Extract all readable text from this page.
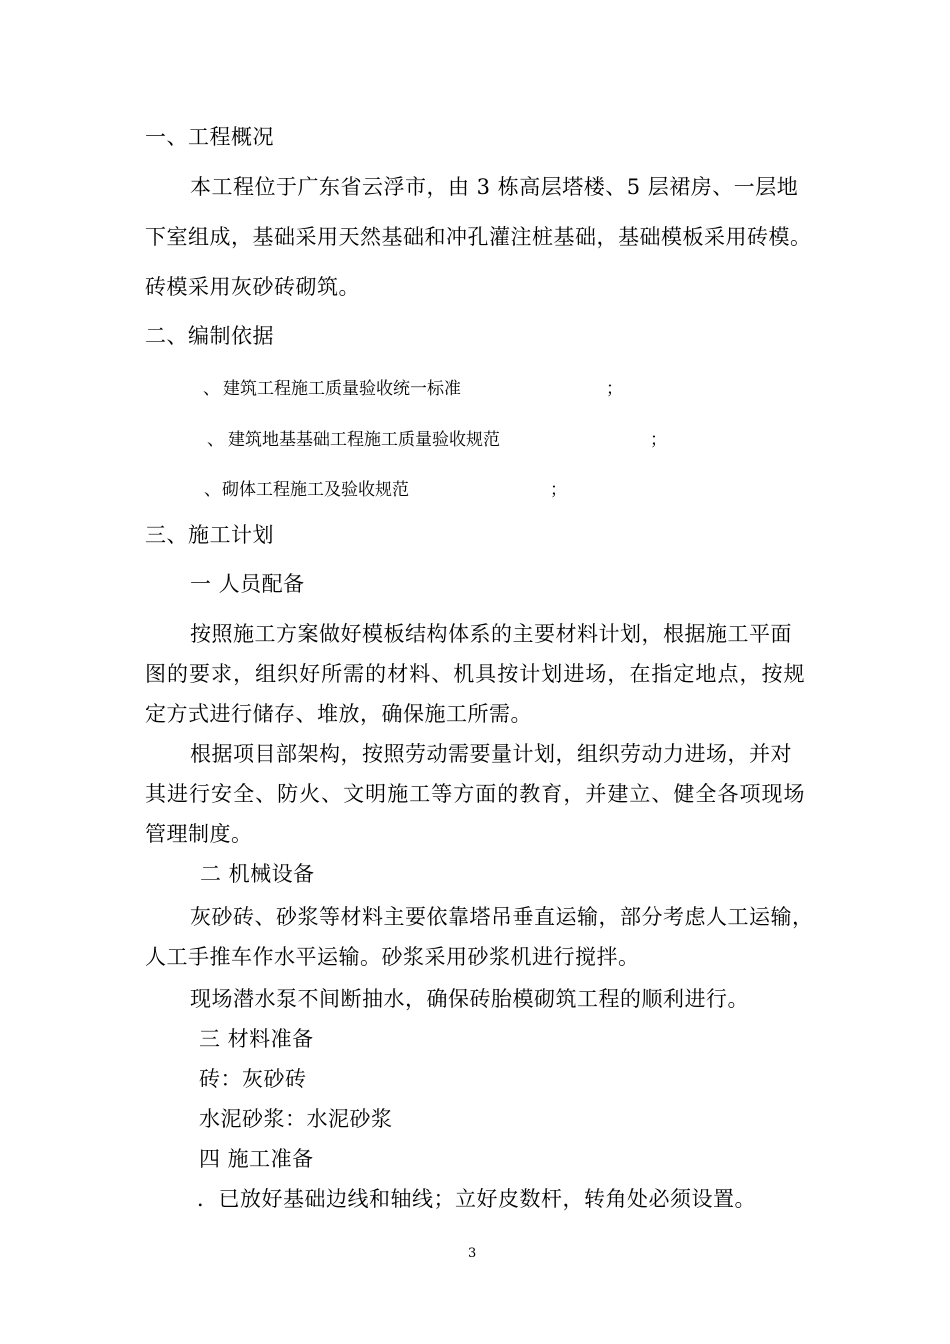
一、工程概况
本工程位于广东省云浮市，由 3 栋高层塔楼、5 层裙房、一层地
下室组成，基础采用天然基础和冲孔灌注桩基础，基础模板采用砖模。
砖模采用灰砂砖砌筑。
二、编制依据
、 建筑工程施工质量验收统一标准	；
、 建筑地基基础工程施工质量验收规范	；
、 砌体工程施工及验收规范	；
三、施工计划
一 人员配备
按照施工方案做好模板结构体系的主要材料计划，根据施工平面
图的要求，组织好所需的材料、机具按计划进场，在指定地点，按规
定方式进行储存、堆放，确保施工所需。
根据项目部架构，按照劳动需要量计划，组织劳动力进场，并对
其进行安全、防火、文明施工等方面的教育，并建立、健全各项现场
管理制度。
二 机械设备
灰砂砖、砂浆等材料主要依靠塔吊垂直运输，部分考虑人工运输，
人工手推车作水平运输。砂浆采用砂浆机进行搅拌。
现场潜水泵不间断抽水，确保砖胎模砌筑工程的顺利进行。
三 材料准备
砖：灰砂砖
水泥砂浆：水泥砂浆
四 施工准备
．已放好基础边线和轴线；立好皮数杆，转角处必须设置。
3
